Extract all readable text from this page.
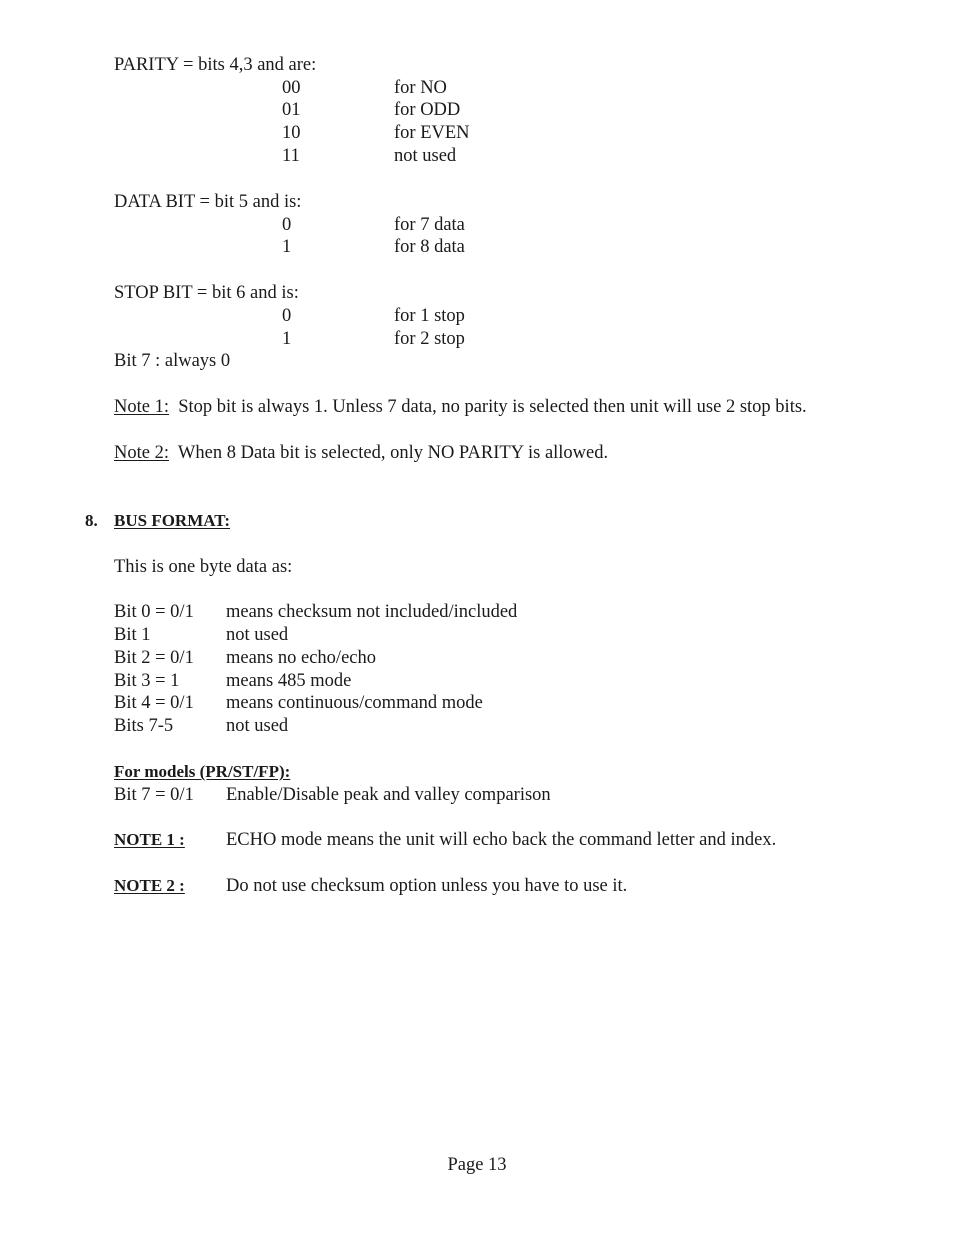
PARITY = bits 4,3 and are:
00	for NO
01	for ODD
10	for EVEN
11	not used
DATA BIT = bit 5 and is:
0	for 7 data
1	for 8 data
STOP BIT = bit 6 and is:
0	for 1 stop
1	for 2 stop
Bit 7 : always 0
Note 1: Stop bit is always 1. Unless 7 data, no parity is selected then unit will use 2 stop bits.
Note 2: When 8 Data bit is selected, only NO PARITY is allowed.
8. BUS FORMAT:
This is one byte data as:
Bit 0 = 0/1 means checksum not included/included
Bit 1	not used
Bit 2 = 0/1 means no echo/echo
Bit 3 = 1	means 485 mode
Bit 4 = 0/1 means continuous/command mode
Bits 7-5	not used
For models (PR/ST/FP):
Bit 7 = 0/1 Enable/Disable peak and valley comparison
NOTE 1 : ECHO mode means the unit will echo back the command letter and index.
NOTE 2 : Do not use checksum option unless you have to use it.
Page 13
